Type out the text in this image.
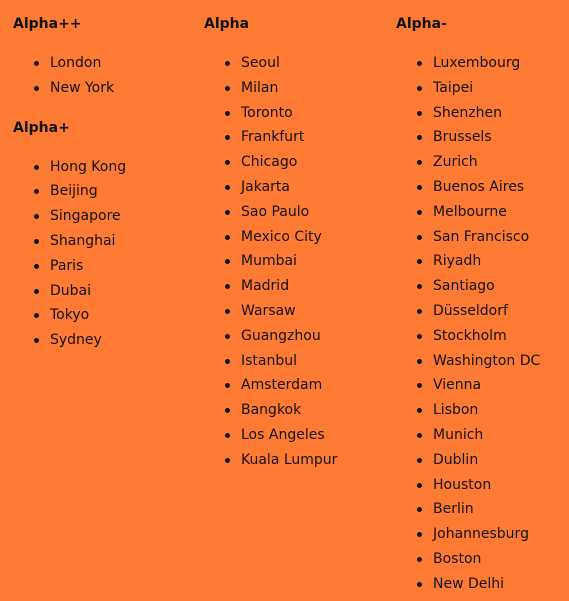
Alpha++
London
New York
Alpha+
Hong Kong
Beijing
Singapore
Shanghai
Paris
Dubai
Tokyo
Sydney
Alpha
Seoul
Milan
Toronto
Frankfurt
Chicago
Jakarta
Sao Paulo
Mexico City
Mumbai
Madrid
Warsaw
Guangzhou
Istanbul
Amsterdam
Bangkok
Los Angeles
Kuala Lumpur
Alpha-
Luxembourg
Taipei
Shenzhen
Brussels
Zurich
Buenos Aires
Melbourne
San Francisco
Riyadh
Santiago
Düsseldorf
Stockholm
Washington DC
Vienna
Lisbon
Munich
Dublin
Houston
Berlin
Johannesburg
Boston
New Delhi
